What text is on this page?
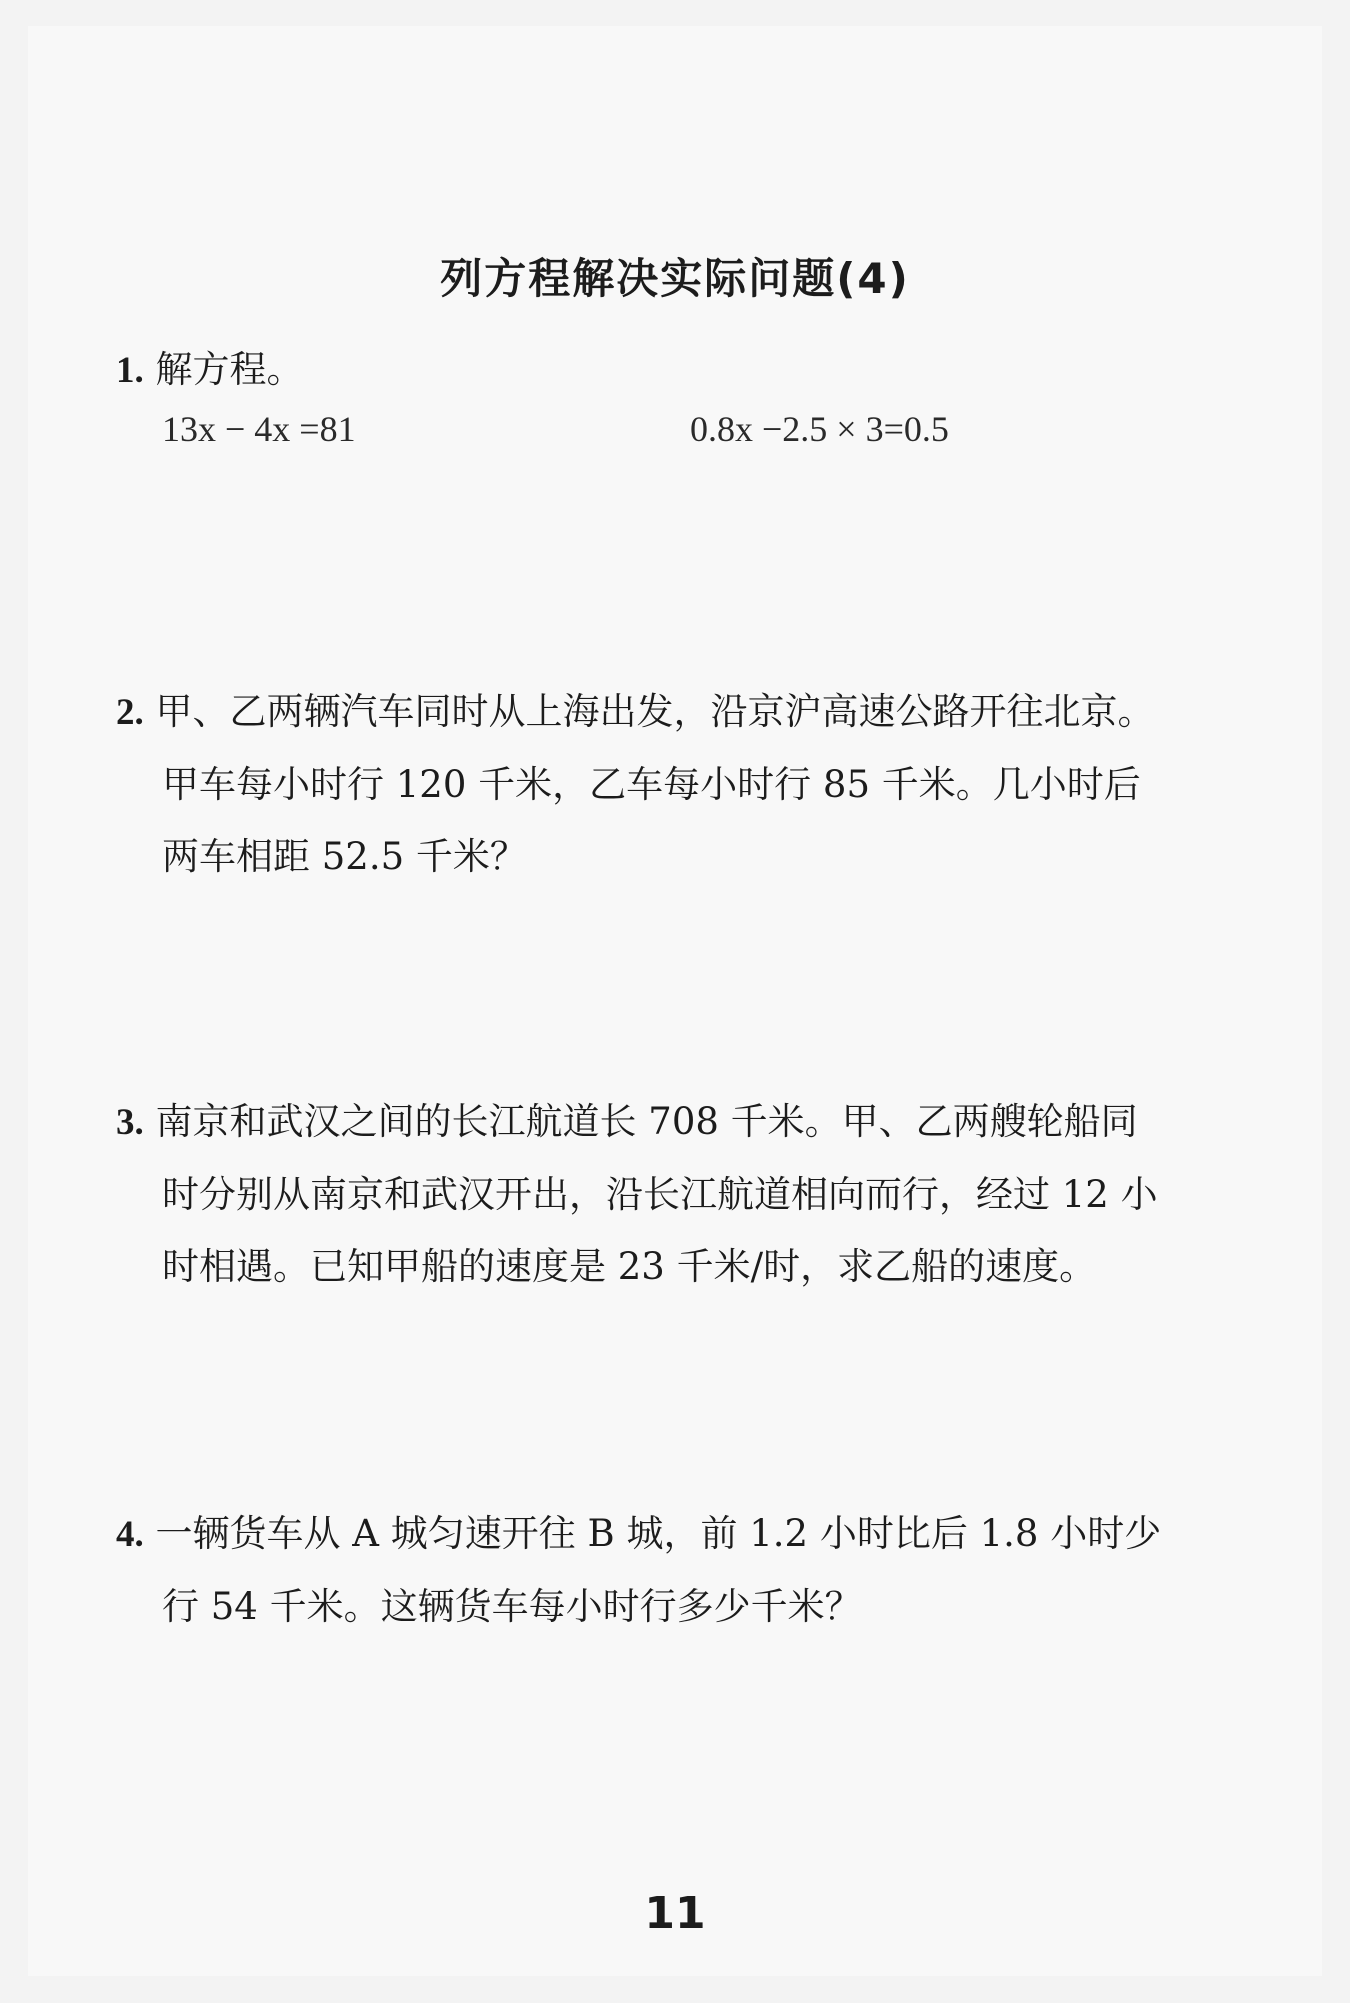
列方程解决实际问题(4)
1. 解方程。
13x − 4x =81	0.8x −2.5 × 3=0.5
2. 甲、乙两辆汽车同时从上海出发，沿京沪高速公路开往北京。
甲车每小时行 120 千米，乙车每小时行 85 千米。几小时后
两车相距 52.5 千米？
3. 南京和武汉之间的长江航道长 708 千米。甲、乙两艘轮船同
时分别从南京和武汉开出，沿长江航道相向而行，经过 12 小
时相遇。已知甲船的速度是 23 千米/时，求乙船的速度。
4. 一辆货车从 A 城匀速开往 B 城，前 1.2 小时比后 1.8 小时少
行 54 千米。这辆货车每小时行多少千米？
11
